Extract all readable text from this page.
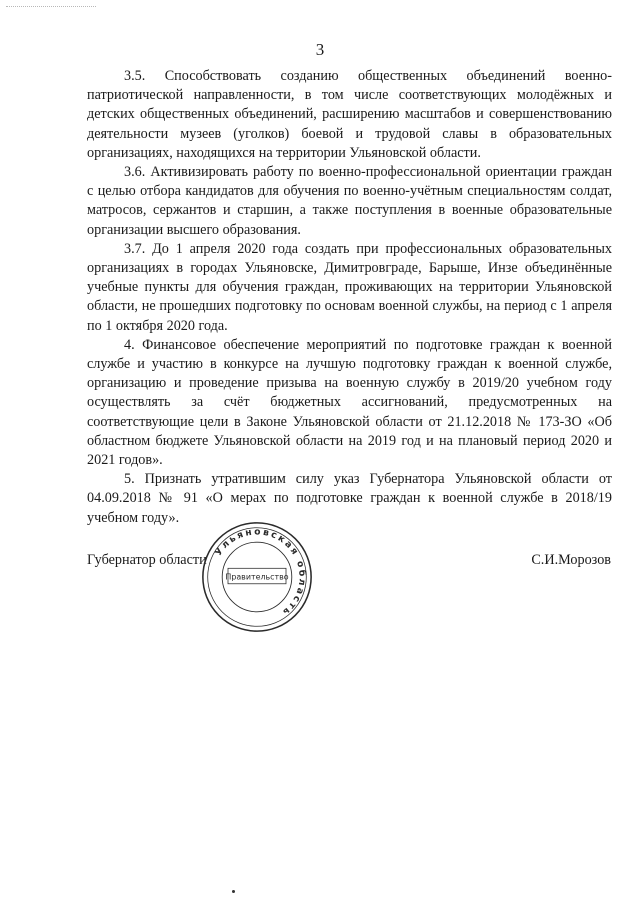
3

3.5. Способствовать созданию общественных объединений военно-патриотической направленности, в том числе соответствующих молодёжных и детских общественных объединений, расширению масштабов и совершенствованию деятельности музеев (уголков) боевой и трудовой славы в образовательных организациях, находящихся на территории Ульяновской области.

3.6. Активизировать работу по военно-профессиональной ориентации граждан с целью отбора кандидатов для обучения по военно-учётным специальностям солдат, матросов, сержантов и старшин, а также поступления в военные образовательные организации высшего образования.

3.7. До 1 апреля 2020 года создать при профессиональных образовательных организациях в городах Ульяновске, Димитровграде, Барыше, Инзе объединённые учебные пункты для обучения граждан, проживающих на территории Ульяновской области, не прошедших подготовку по основам военной службы, на период с 1 апреля по 1 октября 2020 года.

4. Финансовое обеспечение мероприятий по подготовке граждан к военной службе и участию в конкурсе на лучшую подготовку граждан к военной службе, организацию и проведение призыва на военную службу в 2019/20 учебном году осуществлять за счёт бюджетных ассигнований, предусмотренных на соответствующие цели в Законе Ульяновской области от 21.12.2018 № 173-ЗО «Об областном бюджете Ульяновской области на 2019 год и на плановый период 2020 и 2021 годов».

5. Признать утратившим силу указ Губернатора Ульяновской области от 04.09.2018 № 91 «О мерах по подготовке граждан к военной службе в 2018/19 учебном году».

Губернатор области	С.И.Морозов
Ульяновская область
Правительство
